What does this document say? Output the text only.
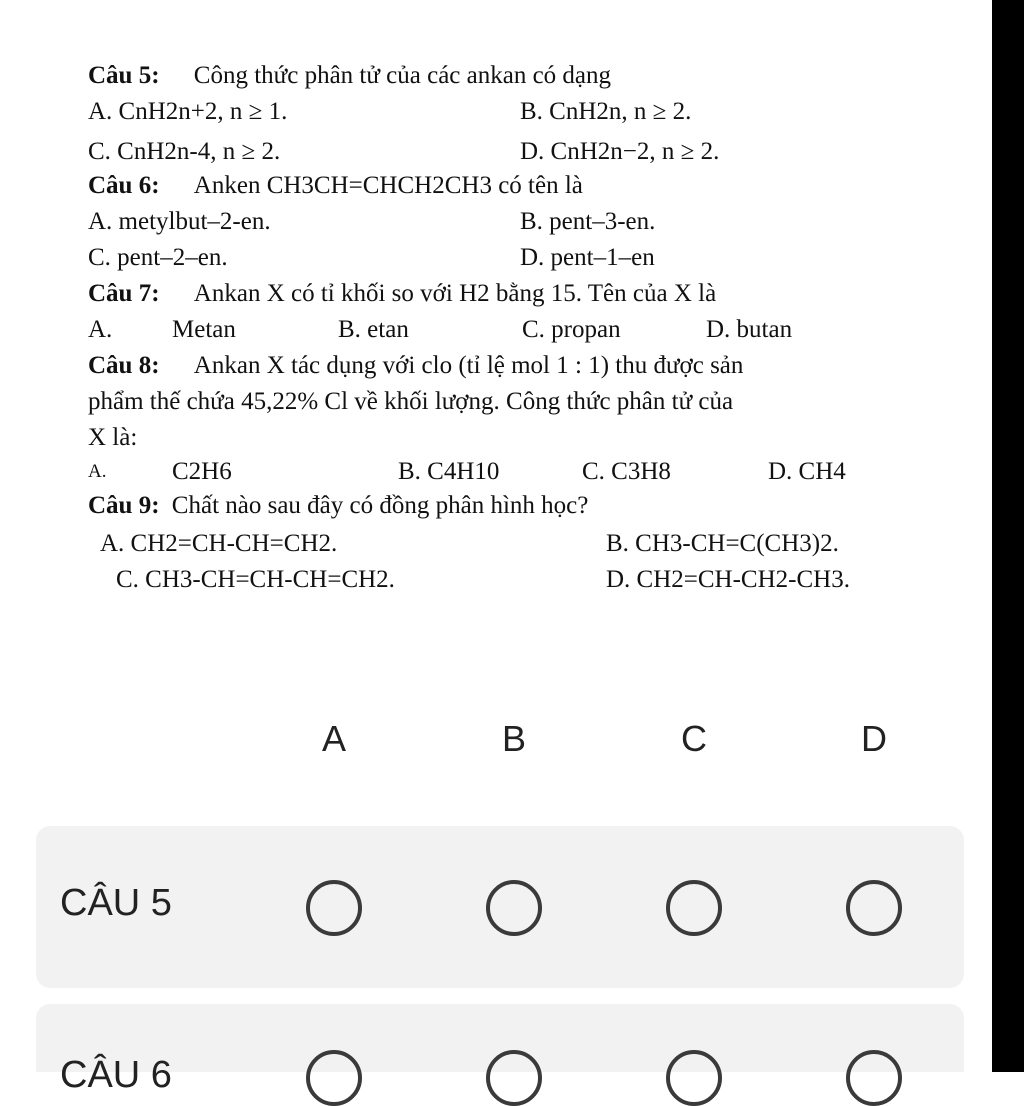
Câu 5: Công thức phân tử của các ankan có dạng
A. CnH2n+2, n ≥ 1.	B. CnH2n, n ≥ 2.
C. CnH2n-4, n ≥ 2.	D. CnH2n−2, n ≥ 2.
Câu 6: Anken CH3CH=CHCH2CH3 có tên là
A. metylbut–2-en.	B. pent–3-en.
C. pent–2–en.	D. pent–1–en
Câu 7: Ankan X có tỉ khối so với H2 bằng 15. Tên của X là
A. Metan	B. etan	C. propan	D. butan
Câu 8: Ankan X tác dụng với clo (tỉ lệ mol 1 : 1) thu được sản
phẩm thế chứa 45,22% Cl về khối lượng. Công thức phân tử của
X là:
A.	C2H6	B. C4H10	C. C3H8	D. CH4
Câu 9: Chất nào sau đây có đồng phân hình học?
A. CH2=CH-CH=CH2.	B. CH3-CH=C(CH3)2.
C. CH3-CH=CH-CH=CH2.	D. CH2=CH-CH2-CH3.
A	B	C	D
CÂU 5
CÂU 6
